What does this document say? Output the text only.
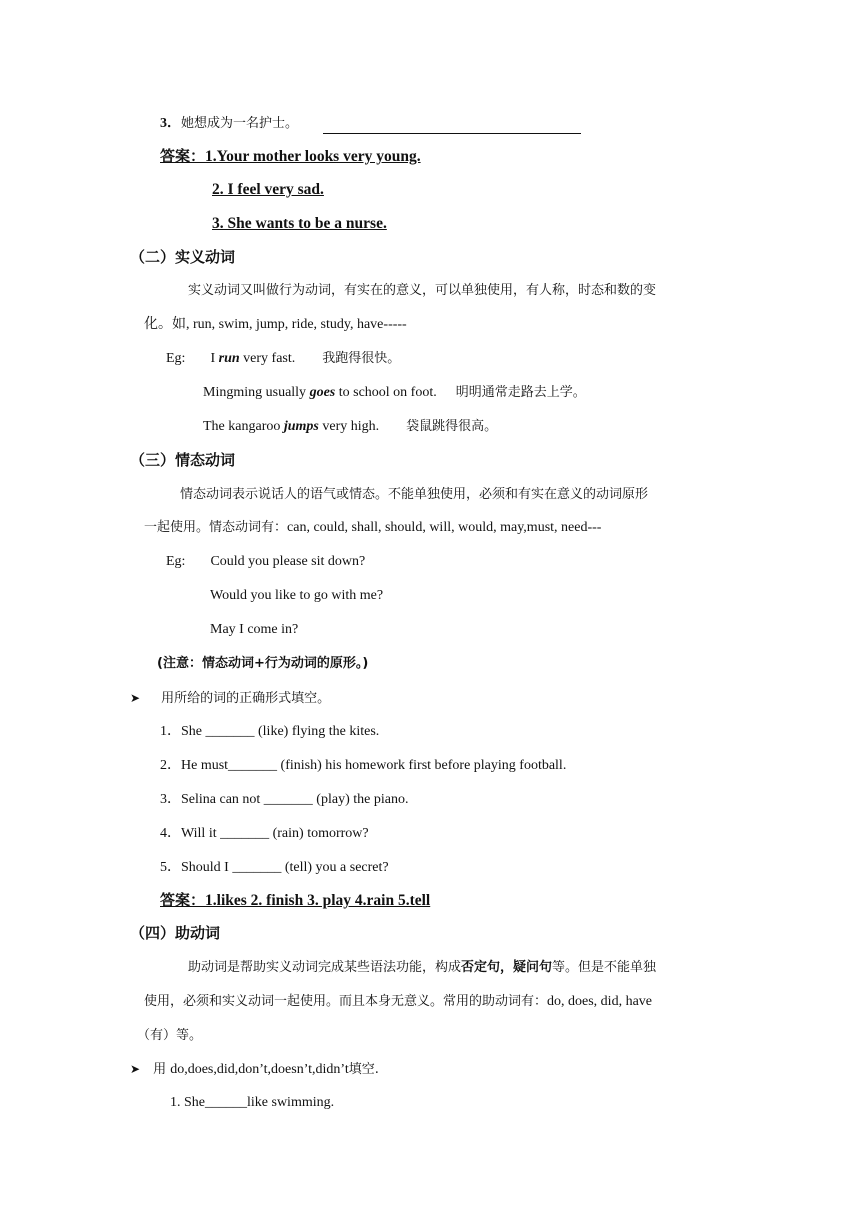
3．她想成为一名护士。
答案：1.Your mother looks very young.
2. I feel very sad.
3. She wants to be a nurse.
（二）实义动词
实义动词又叫做行为动词，有实在的意义，可以单独使用，有人称，时态和数的变
化。如, run, swim, jump, ride, study, have-----
Eg: I run very fast. 我跑得很快。
Mingming usually goes to school on foot. 明明通常走路去上学。
The kangaroo jumps very high. 袋鼠跳得很高。
（三）情态动词
情态动词表示说话人的语气或情态。不能单独使用，必须和有实在意义的动词原形
一起使用。情态动词有：can, could, shall, should, will, would, may,must, need---
Eg: Could you please sit down?
Would you like to go with me?
May I come in?
(注意：情态动词+行为动词的原形。)
➤ 用所给的词的正确形式填空。
1．She _______ (like) flying the kites.
2．He must_______ (finish) his homework first before playing football.
3．Selina can not _______ (play) the piano.
4．Will it _______ (rain) tomorrow?
5．Should I _______ (tell) you a secret?
答案：1.likes 2. finish 3. play 4.rain 5.tell
（四）助动词
助动词是帮助实义动词完成某些语法功能，构成否定句，疑问句等。但是不能单独
使用，必须和实义动词一起使用。而且本身无意义。常用的助动词有：do, does, did, have
（有）等。
➤ 用 do,does,did,don’t,doesn’t,didn’t填空.
1. She______like swimming.
